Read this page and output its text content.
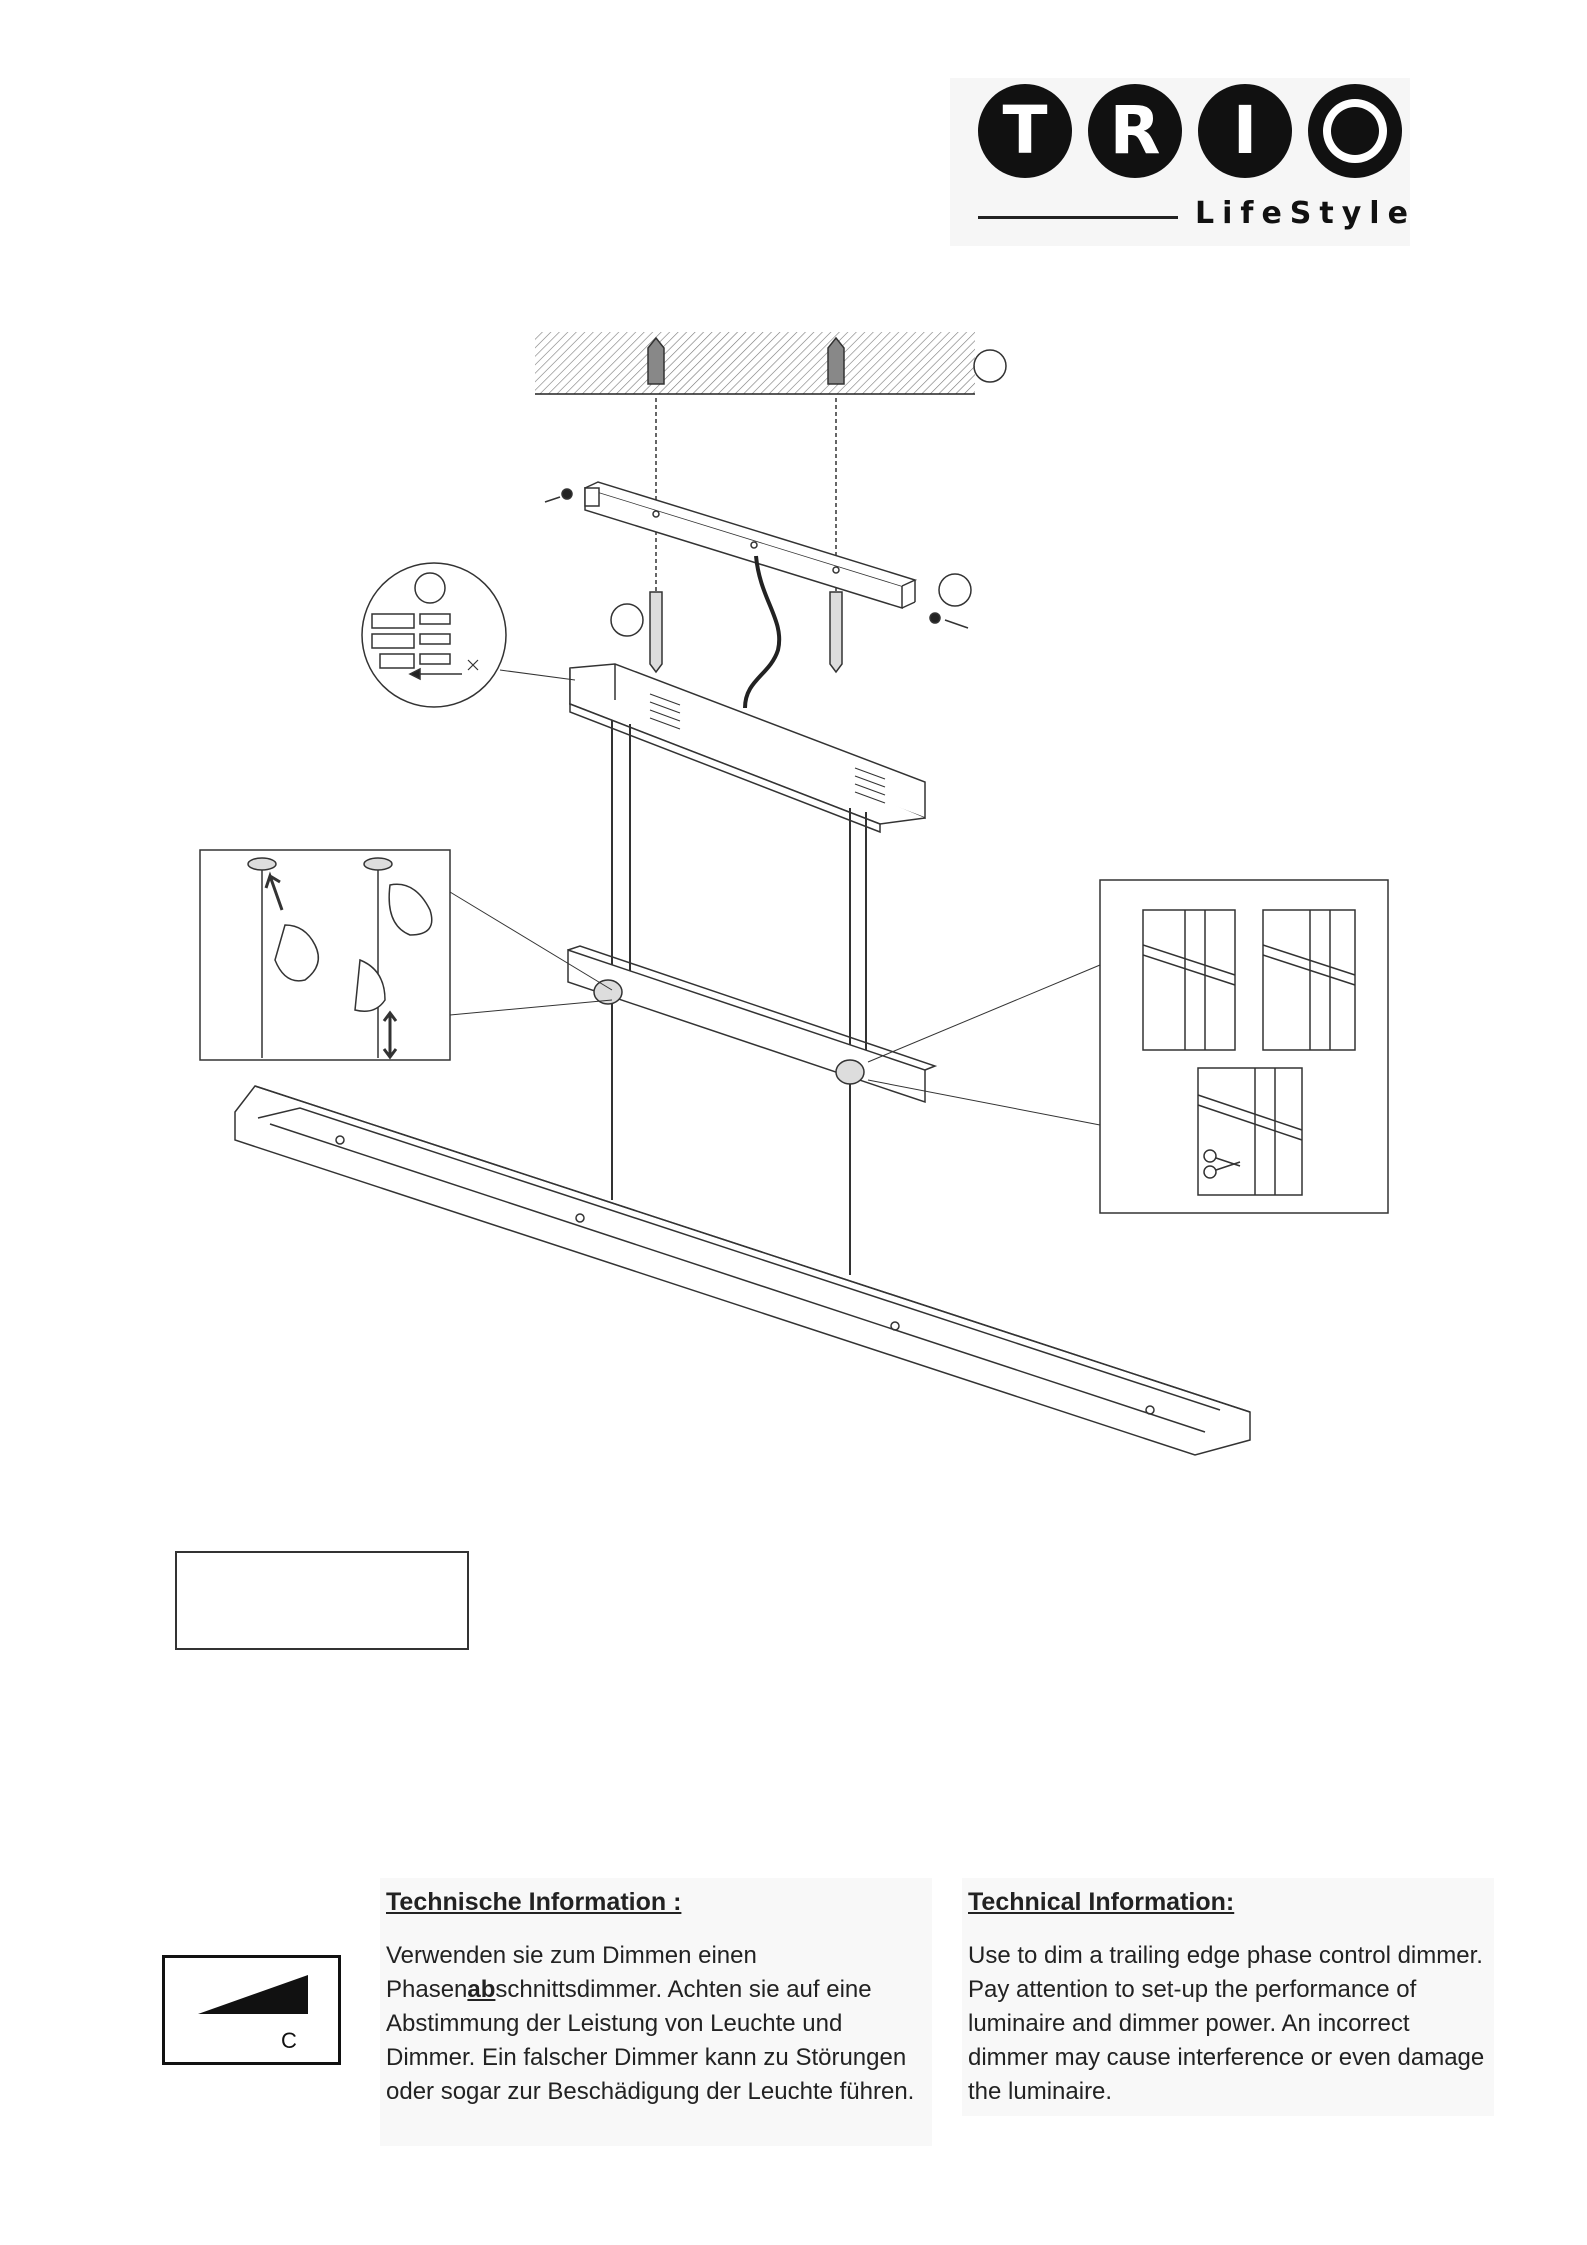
T R	I
LifeStyle
C
Technische Information :
Verwenden sie zum Dimmen einen Phasenabschnittsdimmer. Achten sie auf eine Abstimmung der Leistung von Leuchte und Dimmer. Ein falscher Dimmer kann zu Störungen oder sogar zur Beschädigung der Leuchte führen.
Technical Information:
Use to dim a trailing edge phase control dimmer. Pay attention to set-up the performance of luminaire and dimmer power. An incorrect dimmer may cause interference or even damage the luminaire.
